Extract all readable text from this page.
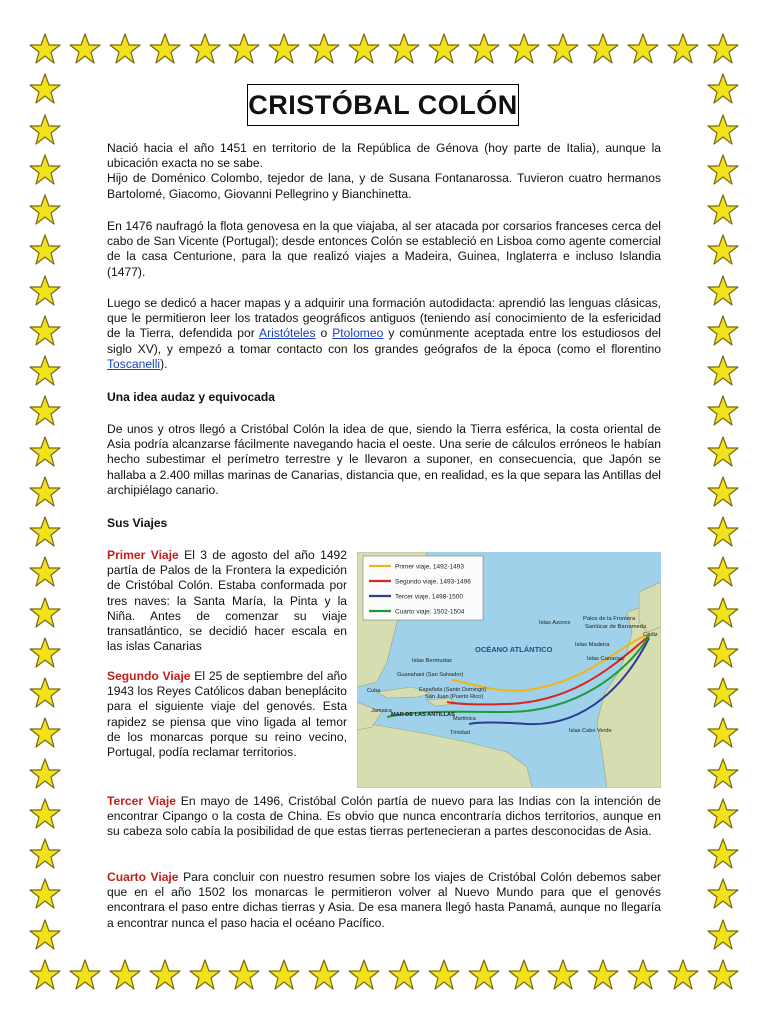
CRISTÓBAL COLÓN
Nació hacia el año 1451 en territorio de la República de Génova (hoy parte de Italia), aunque la ubicación exacta no se sabe.
Hijo de Doménico Colombo, tejedor de lana, y de Susana Fontanarossa. Tuvieron cuatro hermanos Bartolomé, Giacomo, Giovanni Pellegrino y Bianchinetta.
En 1476 naufragó la flota genovesa en la que viajaba, al ser atacada por corsarios franceses cerca del cabo de San Vicente (Portugal); desde entonces Colón se estableció en Lisboa como agente comercial de la casa Centurione, para la que realizó viajes a Madeira, Guinea, Inglaterra e incluso Islandia (1477).
Luego se dedicó a hacer mapas y a adquirir una formación autodidacta: aprendió las lenguas clásicas, que le permitieron leer los tratados geográficos antiguos (teniendo así conocimiento de la esfericidad de la Tierra, defendida por Aristóteles o Ptolomeo y comúnmente aceptada entre los estudiosos del siglo XV), y empezó a tomar contacto con los grandes geógrafos de la época (como el florentino Toscanelli).
Una idea audaz y equivocada
De unos y otros llegó a Cristóbal Colón la idea de que, siendo la Tierra esférica, la costa oriental de Asia podría alcanzarse fácilmente navegando hacia el oeste. Una serie de cálculos erróneos le habían hecho subestimar el perímetro terrestre y le llevaron a suponer, en consecuencia, que Japón se hallaba a 2.400 millas marinas de Canarias, distancia que, en realidad, es la que separa las Antillas del archipiélago canario.
Sus Viajes
Primer Viaje El 3 de agosto del año 1492 partía de Palos de la Frontera la expedición de Cristóbal Colón. Estaba conformada por tres naves: la Santa María, la Pinta y la Niña. Antes de comenzar su viaje transatlántico, se decidió hacer escala en las islas Canarias
Segundo Viaje El 25 de septiembre del año 1943 los Reyes Católicos daban beneplácito para el siguiente viaje del genovés. Esta rapidez se piensa que vino ligada al temor de los monarcas porque su reino vecino, Portugal, podía reclamar territorios.
Tercer Viaje En mayo de 1496, Cristóbal Colón partía de nuevo para las Indias con la intención de encontrar Cipango o la costa de China. Es obvio que nunca encontraría dichos territorios, aunque en su cabeza solo cabía la posibilidad de que estas tierras pertenecieran a partes desconocidas de Asia.
Cuarto Viaje Para concluir con nuestro resumen sobre los viajes de Cristóbal Colón debemos saber que en el año 1502 los monarcas le permitieron volver al Nuevo Mundo para que el genovés encontrara el paso entre dichas tierras y Asia. De esa manera llegó hasta Panamá, aunque no llegaría a encontrar nunca el paso hacia el océano Pacífico.
Primer viaje, 1492-1493
Segundo viaje, 1493-1496
Tercer viaje, 1498-1500
Cuarto viaje, 1502-1504
OCÉANO ATLÁNTICO
Palos de la Frontera
Sanlúcar de Barrameda
Cádiz
Islas Azores
Islas Madeira
Islas Canarias
Islas Bermudas
Guanahani (San Salvador)
Española (Santo Domingo)
San Juan (Puerto Rico)
Cuba
Jamaica
MAR DE LAS ANTILLAS
Martinica
Trinidad	Islas Cabo Verde
